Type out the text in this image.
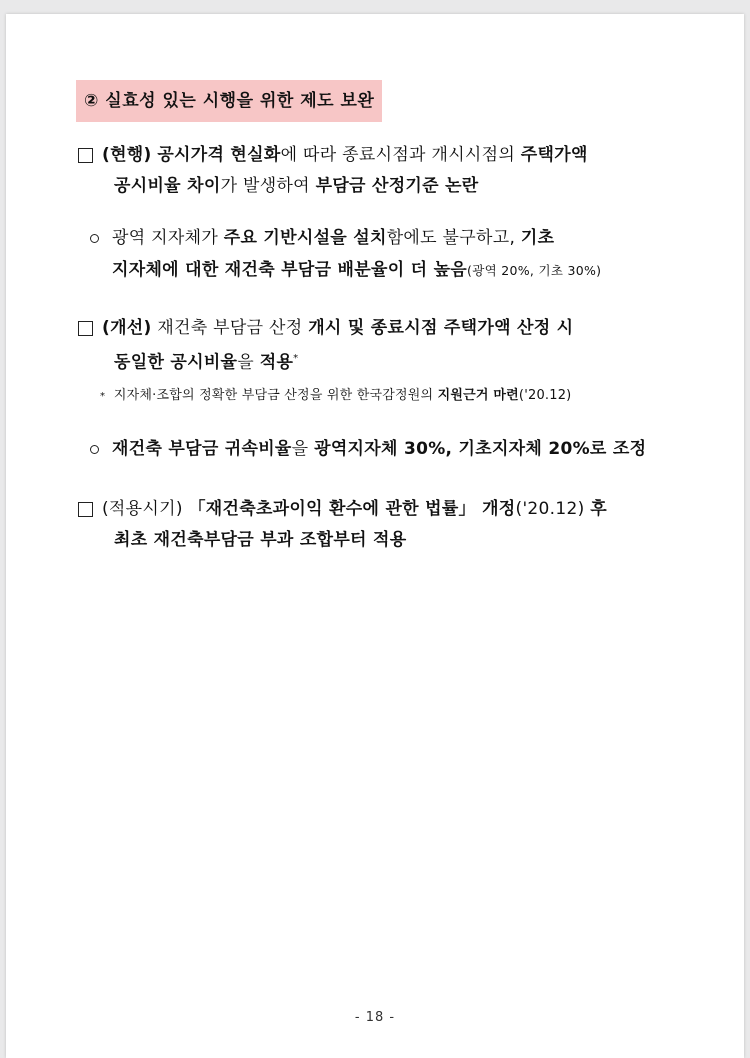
② 실효성 있는 시행을 위한 제도 보완
(현행) 공시가격 현실화에 따라 종료시점과 개시시점의 주택가액
공시비율 차이가 발생하여 부담금 산정기준 논란
광역 지자체가 주요 기반시설을 설치함에도 불구하고, 기초
지자체에 대한 재건축 부담금 배분율이 더 높음(광역 20%, 기초 30%)
(개선) 재건축 부담금 산정 개시 및 종료시점 주택가액 산정 시
동일한 공시비율을 적용*
* 지자체·조합의 정확한 부담금 산정을 위한 한국감정원의 지원근거 마련('20.12)
재건축 부담금 귀속비율을 광역지자체 30%, 기초지자체 20%로 조정
(적용시기) 「재건축초과이익 환수에 관한 법률」 개정('20.12) 후
최초 재건축부담금 부과 조합부터 적용
- 18 -
